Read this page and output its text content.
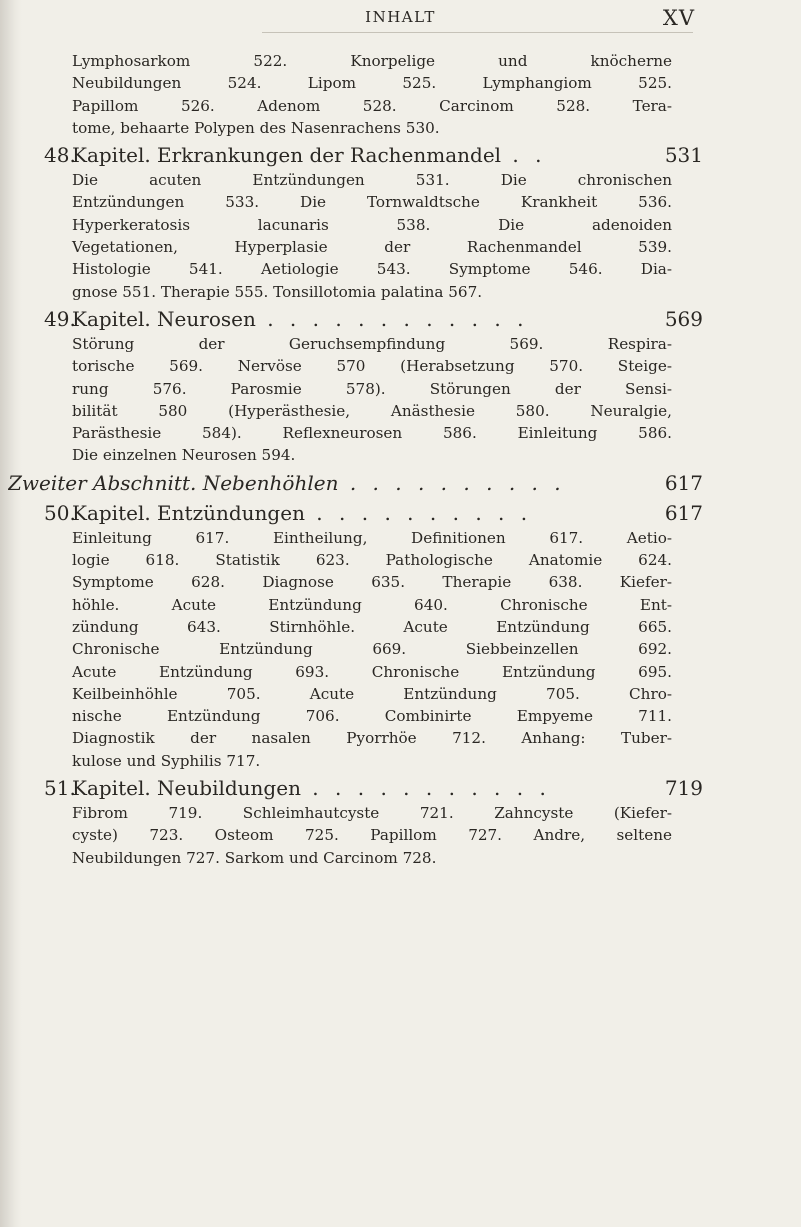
INHALT	XV
Lymphosarkom 522. Knorpelige und knöcherne
Neubildungen 524. Lipom 525. Lymphangiom 525.
Papillom 526. Adenom 528. Carcinom 528. Tera-
tome, behaarte Polypen des Nasenrachens 530.
48.
Kapitel. Erkrankungen der Rachenmandel . .	531
Die acuten Entzündungen 531. Die chronischen
Entzündungen 533. Die Tornwaldtsche Krankheit 536.
Hyperkeratosis lacunaris 538. Die adenoiden
Vegetationen, Hyperplasie der Rachenmandel 539.
Histologie 541. Aetiologie 543. Symptome 546. Dia-
gnose 551. Therapie 555. Tonsillotomia palatina 567.
49.
Kapitel. Neurosen . . . . . . . . . . . .	569
Störung der Geruchsempfindung 569. Respira-
torische 569. Nervöse 570 (Herabsetzung 570. Steige-
rung 576. Parosmie 578). Störungen der Sensi-
bilität 580 (Hyperästhesie, Anästhesie 580. Neuralgie,
Parästhesie 584). Reflexneurosen 586. Einleitung 586.
Die einzelnen Neurosen 594.
Zweiter Abschnitt. Nebenhöhlen . . . . . . . . . .	617
50.
Kapitel. Entzündungen . . . . . . . . . .	617
Einleitung 617. Eintheilung, Definitionen 617. Aetio-
logie 618. Statistik 623. Pathologische Anatomie 624.
Symptome 628. Diagnose 635. Therapie 638. Kiefer-
höhle. Acute Entzündung 640. Chronische Ent-
zündung 643. Stirnhöhle. Acute Entzündung 665.
Chronische Entzündung 669. Siebbeinzellen 692.
Acute Entzündung 693. Chronische Entzündung 695.
Keilbeinhöhle 705. Acute Entzündung 705. Chro-
nische Entzündung 706. Combinirte Empyeme 711.
Diagnostik der nasalen Pyorrhöe 712. Anhang: Tuber-
kulose und Syphilis 717.
51.
Kapitel. Neubildungen . . . . . . . . . . .	719
Fibrom 719. Schleimhautcyste 721. Zahncyste (Kiefer-
cyste) 723. Osteom 725. Papillom 727. Andre, seltene
Neubildungen 727. Sarkom und Carcinom 728.
